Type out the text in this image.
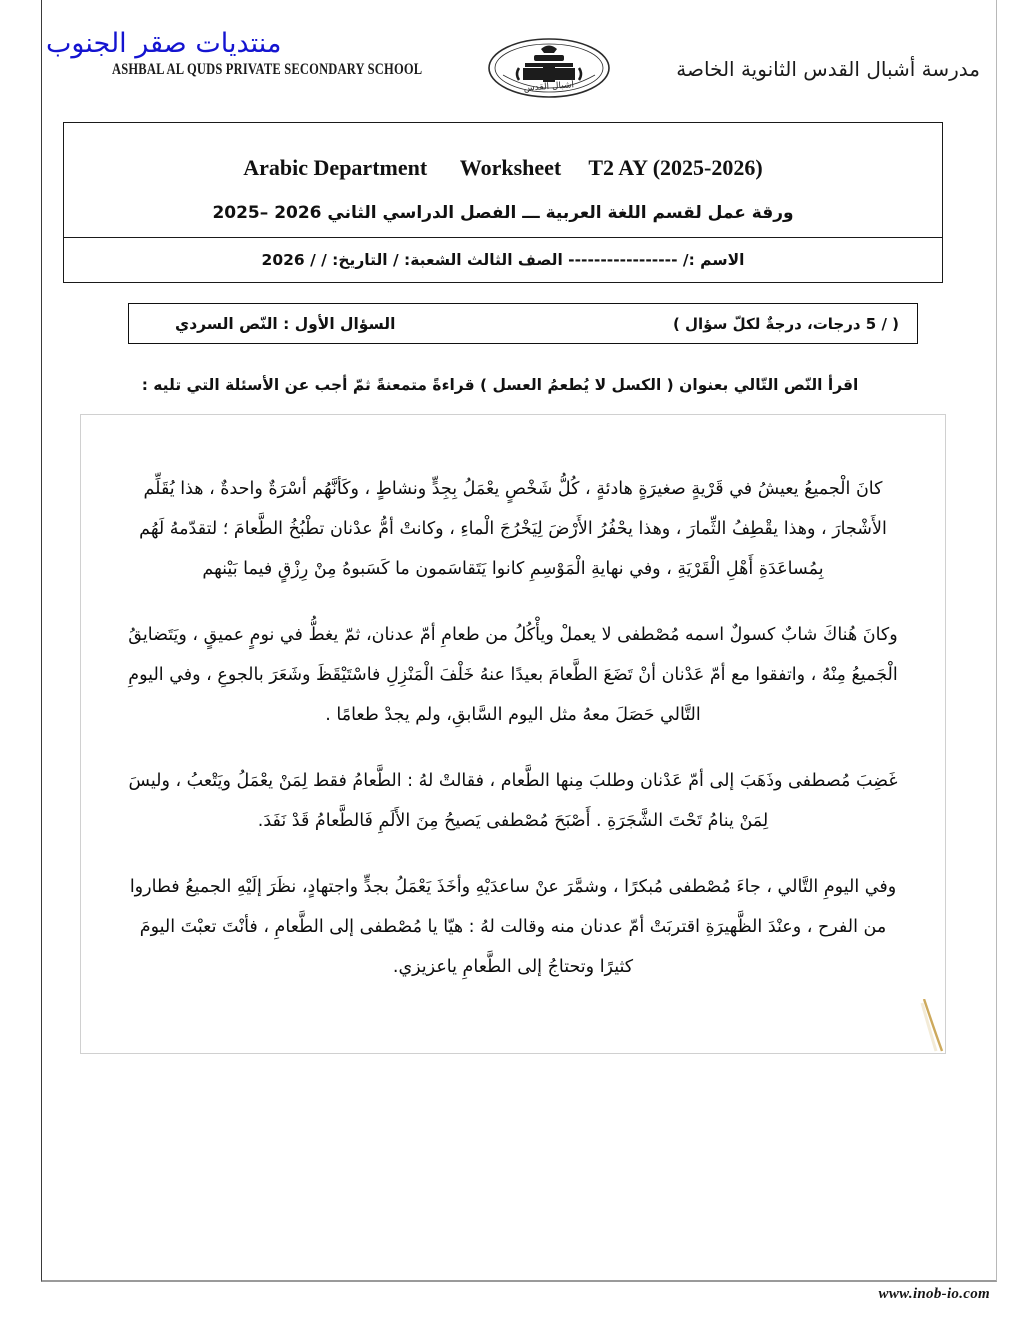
ASHBAL AL QUDS PRIVATE SECONDARY SCHOOL
أشبال القدس
مدرسة أشبال القدس الثانوية الخاصة
منتديات صقر الجنوب
Arabic Department      Worksheet     T2 AY (2025-2026)
ورقة عمل لقسم اللغة العربية ـــ الفصل الدراسي الثاني 2026 –2025
الاسم :/ ----------------- الصف الثالث الشعبة: / التاريخ: / / 2026
السؤال الأول : النّص السردي	( / 5 درجات، درجةٌ لكلّ سؤال )
اقرأ النّص التّالي بعنوان ( الكسل لا يُطعمُ العسل ) قراءةً متمعنةً ثمّ أجب عن الأسئلة التي تليه :

كانَ الْجميعُ يعيشُ في قَرْيةٍ صغيرَةٍ هادئةٍ ، كُلُّ شَخْصٍ يعْمَلُ بِجِدٍّ ونشاطٍ ، وكَأنَّهُم أسْرَةٌ واحدةٌ ، هذا يُقَلِّم الأَشْجارَ ، وهذا يقْطِفُ الثِّمارَ ، وهذا يحْفُرُ الأَرْضَ لِيَخْرُجَ الْماءِ ، وكانتْ أمُّ عدْنان تطْبُخُ الطَّعامَ ؛ لتقدّمهُ لَهُم بِمُساعَدَةِ أَهْلِ الْقَرْيَةِ ، وفي نهايةِ الْمَوْسِمِ كانوا يَتَقاسَمون ما كَسَبوهُ مِنْ رِزْقٍ فيما بَيْنهم

وكانَ هُناكَ شابٌ كسولٌ اسمه مُصْطفى لا يعملْ ويأْكُلُ من طعامِ أمّ عدنان، ثمّ يغطُّ في نومٍ عميقٍ ، ويَتَضايقُ الْجَميعُ مِنْهُ ، واتفقوا مع أمّ عَدْنان أنْ تَضَعَ الطَّعامَ بعيدًا عنهُ خَلْفَ الْمَنْزِلِ فاسْتَيْقَظَ وشَعَرَ بالجوعِ ، وفي اليومِ التَّالي حَصَلَ معهُ مثل اليوم السَّابقِ، ولم يجدْ طعامًا .

غَضِبَ مُصطفى وذَهَبَ إلى أمّ عَدْنان وطلبَ مِنها الطَّعام ، فقالتْ لهُ : الطَّعامُ فقط لِمَنْ يعْمَلُ ويَتْعبُ ، وليسَ لِمَنْ ينامُ تَحْتَ الشَّجَرَةِ . أَصْبَحَ مُصْطفى يَصيحُ مِنَ الأَلَمِ فَالطَّعامُ قَدْ نَفَدَ.

وفي اليومِ التَّالي ، جاءَ مُصْطفى مُبكرًا ، وشمَّرَ عنْ ساعدَيْهِ وأخَذَ يَعْمَلُ بجدٍّ واجتهادٍ، نظَرَ إلَيْهِ الجميعُ فطاروا من الفرح ، وعنْدَ الظَّهيرَةِ اقتربَتْ أمّ عدنان منه وقالت لهُ : هيّا يا مُصْطفى إلى الطَّعامِ ، فأنْتَ تعبْتَ اليومَ كثيرًا وتحتاجُ إلى الطَّعامِ ياعزيزي.

www.inob-io.com
